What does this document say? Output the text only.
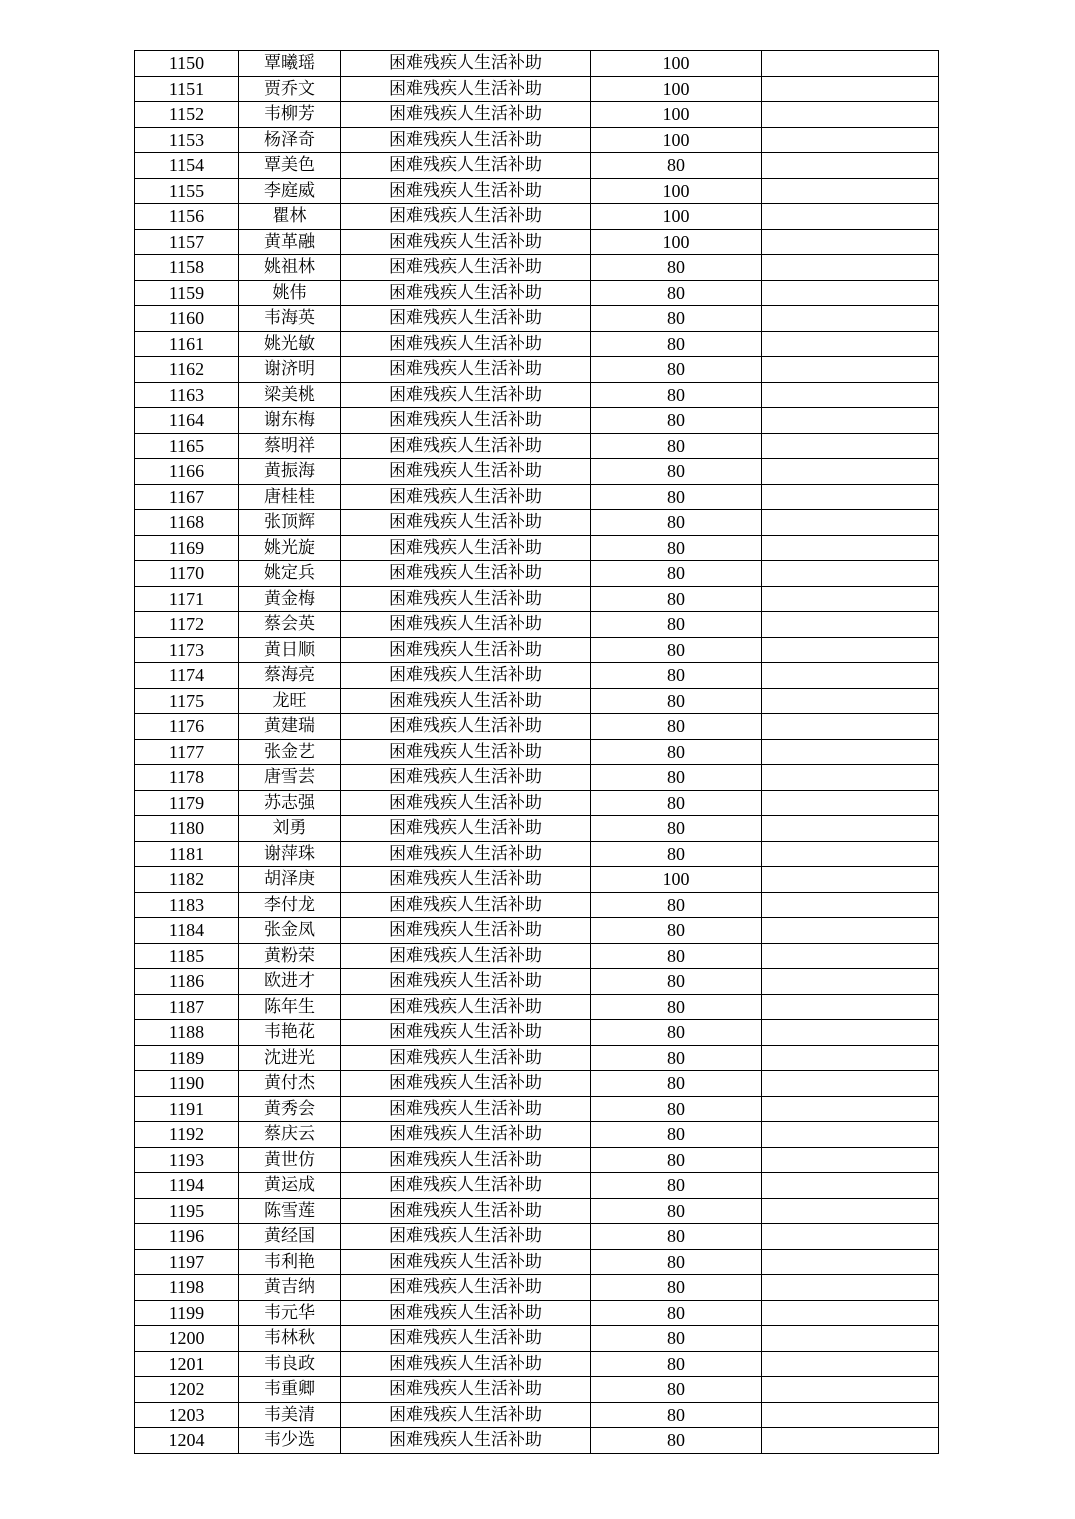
1150	覃曦瑶	困难残疾人生活补助	100	
1151	贾乔文	困难残疾人生活补助	100	
1152	韦柳芳	困难残疾人生活补助	100	
1153	杨泽奇	困难残疾人生活补助	100	
1154	覃美色	困难残疾人生活补助	80	
1155	李庭威	困难残疾人生活补助	100	
1156	瞿林	困难残疾人生活补助	100	
1157	黄革融	困难残疾人生活补助	100	
1158	姚祖林	困难残疾人生活补助	80	
1159	姚伟	困难残疾人生活补助	80	
1160	韦海英	困难残疾人生活补助	80	
1161	姚光敏	困难残疾人生活补助	80	
1162	谢济明	困难残疾人生活补助	80	
1163	梁美桃	困难残疾人生活补助	80	
1164	谢东梅	困难残疾人生活补助	80	
1165	蔡明祥	困难残疾人生活补助	80	
1166	黄振海	困难残疾人生活补助	80	
1167	唐桂桂	困难残疾人生活补助	80	
1168	张顶辉	困难残疾人生活补助	80	
1169	姚光旋	困难残疾人生活补助	80	
1170	姚定兵	困难残疾人生活补助	80	
1171	黄金梅	困难残疾人生活补助	80	
1172	蔡会英	困难残疾人生活补助	80	
1173	黄日顺	困难残疾人生活补助	80	
1174	蔡海亮	困难残疾人生活补助	80	
1175	龙旺	困难残疾人生活补助	80	
1176	黄建瑞	困难残疾人生活补助	80	
1177	张金艺	困难残疾人生活补助	80	
1178	唐雪芸	困难残疾人生活补助	80	
1179	苏志强	困难残疾人生活补助	80	
1180	刘勇	困难残疾人生活补助	80	
1181	谢萍珠	困难残疾人生活补助	80	
1182	胡泽庚	困难残疾人生活补助	100	
1183	李付龙	困难残疾人生活补助	80	
1184	张金凤	困难残疾人生活补助	80	
1185	黄粉荣	困难残疾人生活补助	80	
1186	欧进才	困难残疾人生活补助	80	
1187	陈年生	困难残疾人生活补助	80	
1188	韦艳花	困难残疾人生活补助	80	
1189	沈进光	困难残疾人生活补助	80	
1190	黄付杰	困难残疾人生活补助	80	
1191	黄秀会	困难残疾人生活补助	80	
1192	蔡庆云	困难残疾人生活补助	80	
1193	黄世仿	困难残疾人生活补助	80	
1194	黄运成	困难残疾人生活补助	80	
1195	陈雪莲	困难残疾人生活补助	80	
1196	黄经国	困难残疾人生活补助	80	
1197	韦利艳	困难残疾人生活补助	80	
1198	黄吉纳	困难残疾人生活补助	80	
1199	韦元华	困难残疾人生活补助	80	
1200	韦林秋	困难残疾人生活补助	80	
1201	韦良政	困难残疾人生活补助	80	
1202	韦重卿	困难残疾人生活补助	80	
1203	韦美清	困难残疾人生活补助	80	
1204	韦少选	困难残疾人生活补助	80	
